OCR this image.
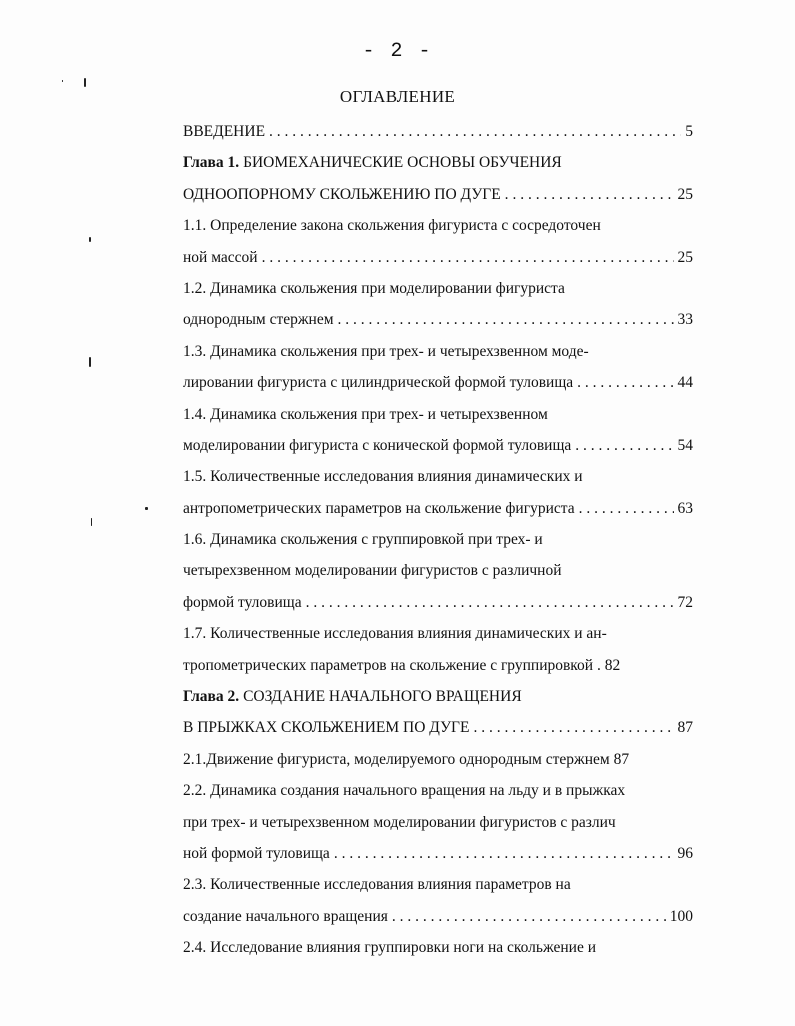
- 2 -
ОГЛАВЛЕНИЕ
ВВЕДЕНИЕ . . .	5
Глава 1. БИОМЕХАНИЧЕСКИЕ ОСНОВЫ ОБУЧЕНИЯ
ОДНООПОРНОМУ СКОЛЬЖЕНИЮ ПО ДУГЕ . . . .	25
1.1. Определение закона скольжения фигуриста с сосредоточен
ной массой . . .	25
1.2. Динамика скольжения при моделировании фигуриста
однородным стержнем . . .	33
1.3. Динамика скольжения при трех- и четырехзвенном моде-
лировании фигуриста с цилиндрической формой туловища . . .	44
1.4. Динамика скольжения при трех- и четырехзвенном
моделировании фигуриста с конической формой туловища . . .	54
1.5. Количественные исследования влияния динамических и
антропометрических параметров на скольжение фигуриста . . .	63
1.6. Динамика скольжения с группировкой при трех- и
четырехзвенном моделировании фигуристов с различной
формой туловища . . .	72
1.7. Количественные исследования влияния динамических и ан-
тропометрических параметров на скольжение с группировкой . 82
Глава 2. СОЗДАНИЕ НАЧАЛЬНОГО ВРАЩЕНИЯ
В ПРЫЖКАХ СКОЛЬЖЕНИЕМ ПО ДУГЕ . . .	87
2.1.Движение фигуриста, моделируемого однородным стержнем 87
2.2. Динамика создания начального вращения на льду и в прыжках
при трех- и четырехзвенном моделировании фигуристов с различ
ной формой туловища . . .	96
2.3. Количественные исследования влияния параметров на
создание начального вращения . . .	100
2.4. Исследование влияния группировки ноги на скольжение и
